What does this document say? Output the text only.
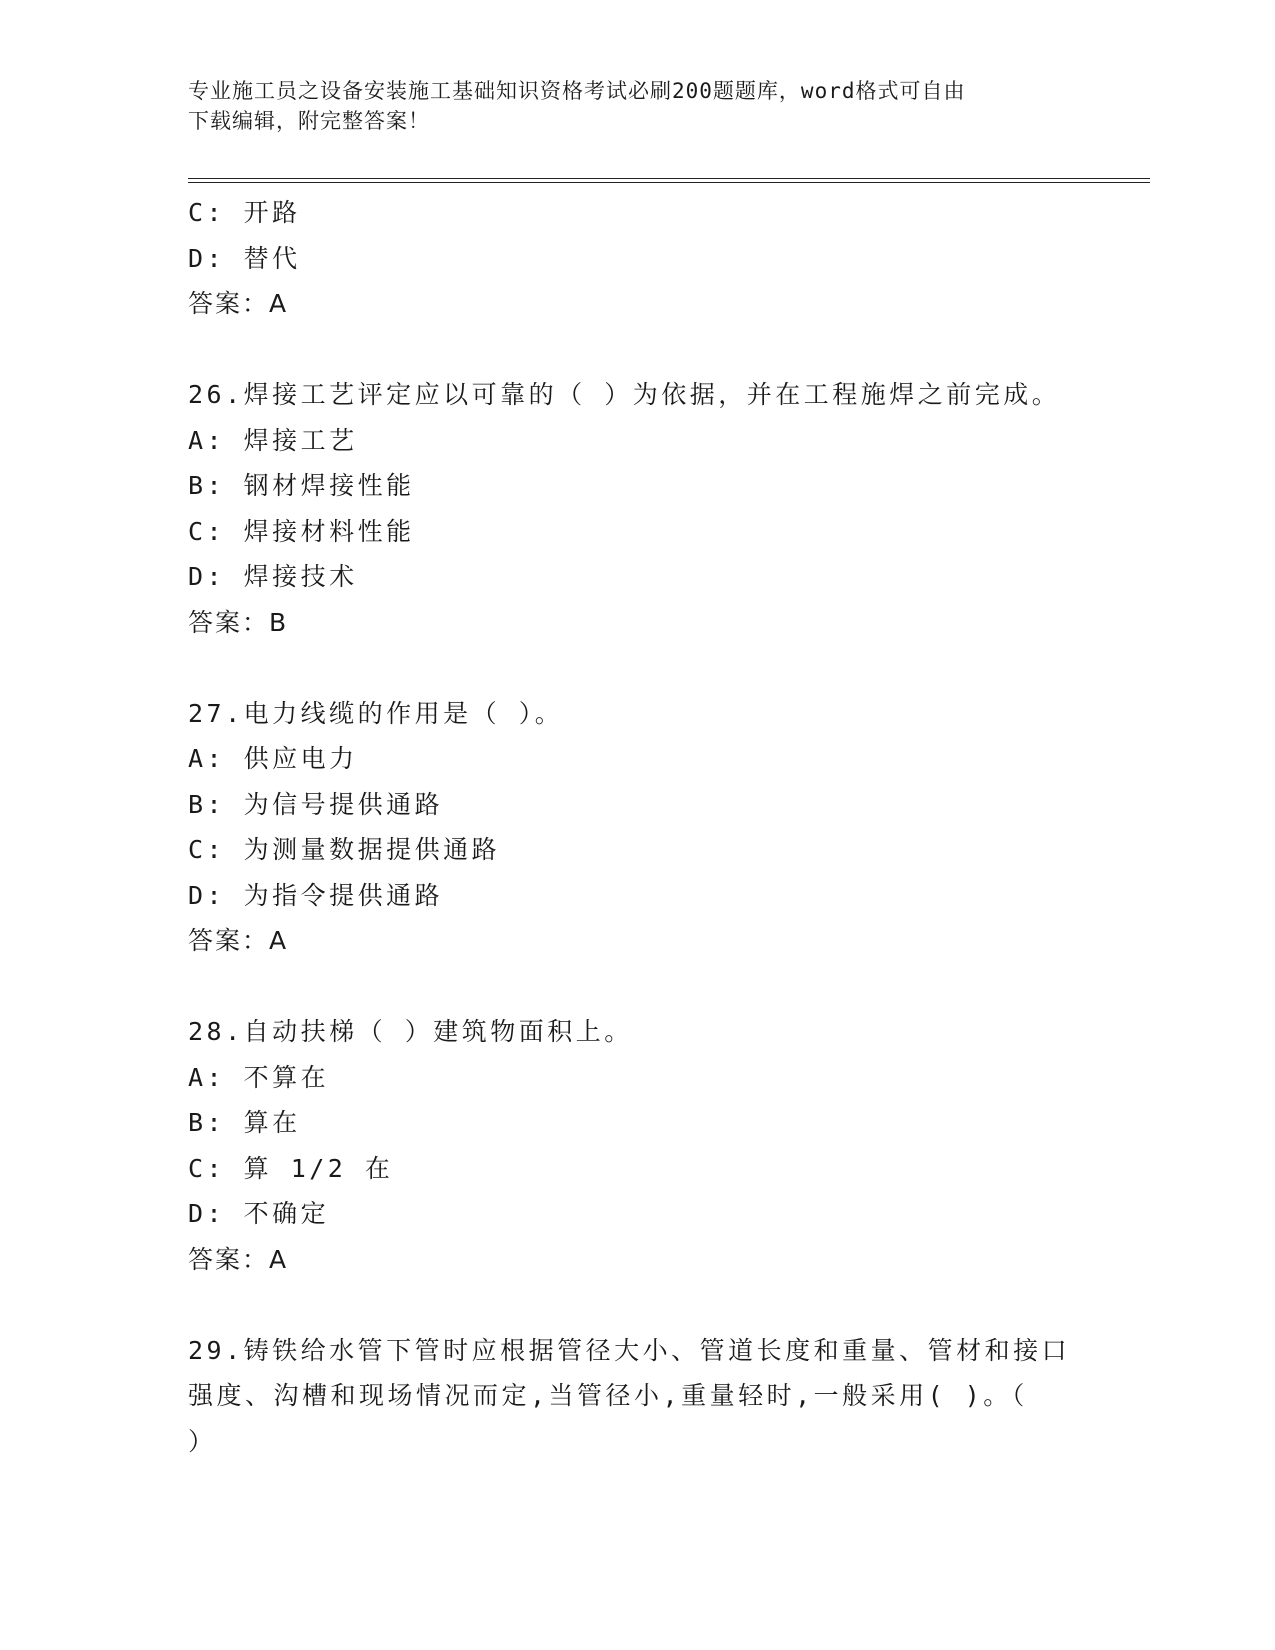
专业施工员之设备安装施工基础知识资格考试必刷200题题库，word格式可自由
下载编辑，附完整答案！
C: 开路
D: 替代
答案：A
26.焊接工艺评定应以可靠的（ ）为依据，并在工程施焊之前完成。
A: 焊接工艺
B: 钢材焊接性能
C: 焊接材料性能
D: 焊接技术
答案：B
27.电力线缆的作用是（ ）。
A: 供应电力
B: 为信号提供通路
C: 为测量数据提供通路
D: 为指令提供通路
答案：A
28.自动扶梯（ ）建筑物面积上。
A: 不算在
B: 算在
C: 算 1/2 在
D: 不确定
答案：A
29.铸铁给水管下管时应根据管径大小、管道长度和重量、管材和接口
强度、沟槽和现场情况而定,当管径小,重量轻时,一般采用( )。（
）
